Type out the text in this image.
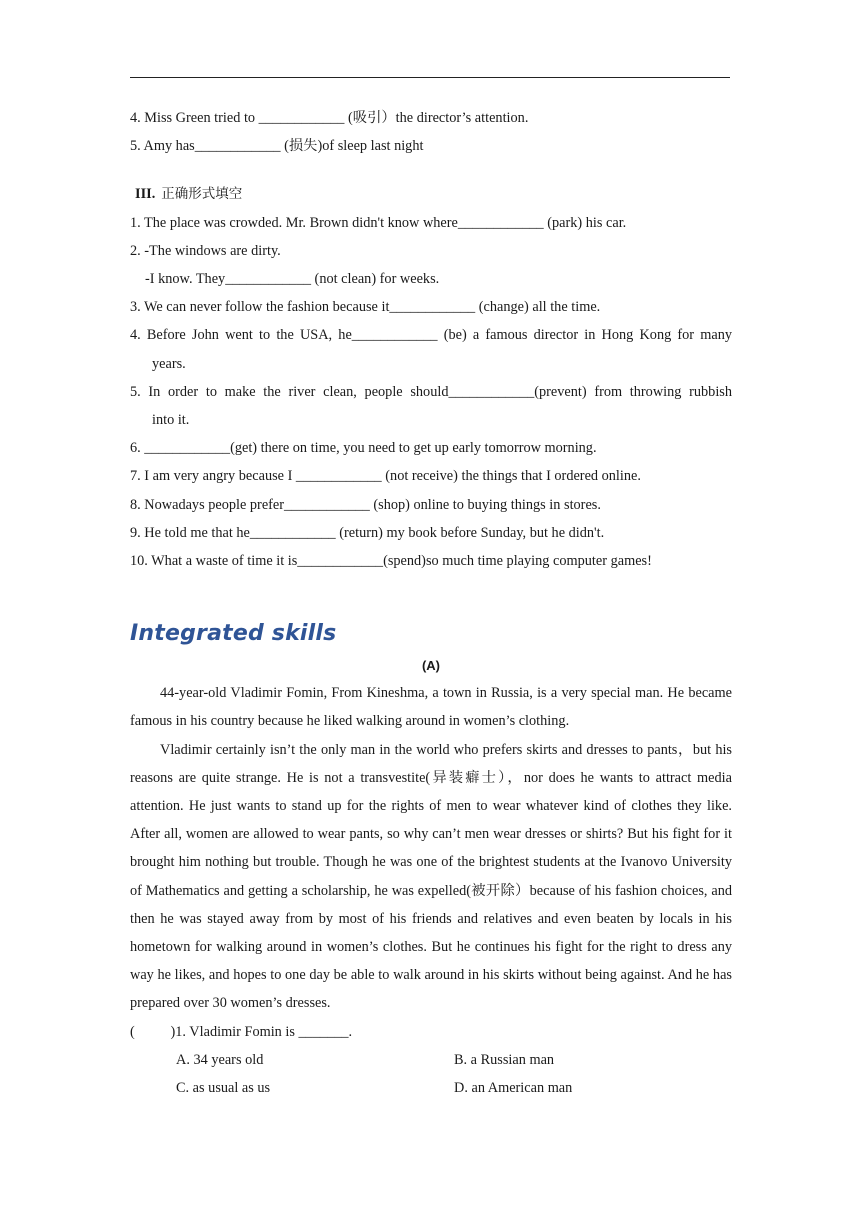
4. Miss Green tried to ____________ (吸引）the director’s attention.

5. Amy has____________ (损失)of sleep last night

III. 正确形式填空

1. The place was crowded. Mr. Brown didn't know where____________ (park) his car.

2. -The windows are dirty.

-I know. They____________ (not clean) for weeks.

3. We can never follow the fashion because it____________ (change) all the time.

4. Before John went to the USA, he____________ (be) a famous director in Hong Kong for many

years.

5. In order to make the river clean, people should____________(prevent) from throwing rubbish

into it.

6. ____________(get) there on time, you need to get up early tomorrow morning.

7. I am very angry because I ____________ (not receive) the things that I ordered online.

8. Nowadays people prefer____________ (shop) online to buying things in stores.

9. He told me that he____________ (return) my book before Sunday, but he didn't.

10. What a waste of time it is____________(spend)so much time playing computer games!

Integrated skills

(A)

44-year-old Vladimir Fomin, From Kineshma, a town in Russia, is a very special man. He became famous in his country because he liked walking around in women’s clothing.

Vladimir certainly isn’t the only man in the world who prefers skirts and dresses to pants，but his reasons are quite strange. He is not a transvestite(异装癖士），nor does he wants to attract media attention. He just wants to stand up for the rights of men to wear whatever kind of clothes they like. After all, women are allowed to wear pants, so why can’t men wear dresses or shirts? But his fight for it brought him nothing but trouble. Though he was one of the brightest students at the Ivanovo University of Mathematics and getting a scholarship, he was expelled(被开除）because of his fashion choices, and then he was stayed away from by most of his friends and relatives and even beaten by locals in his hometown for walking around in women’s clothes. But he continues his fight for the right to dress any way he likes, and hopes to one day be able to walk around in his skirts without being against. And he has prepared over 30 women’s dresses.

(          )1. Vladimir Fomin is _______.

A. 34 years old	B. a Russian man
C. as usual as us	D. an American man
